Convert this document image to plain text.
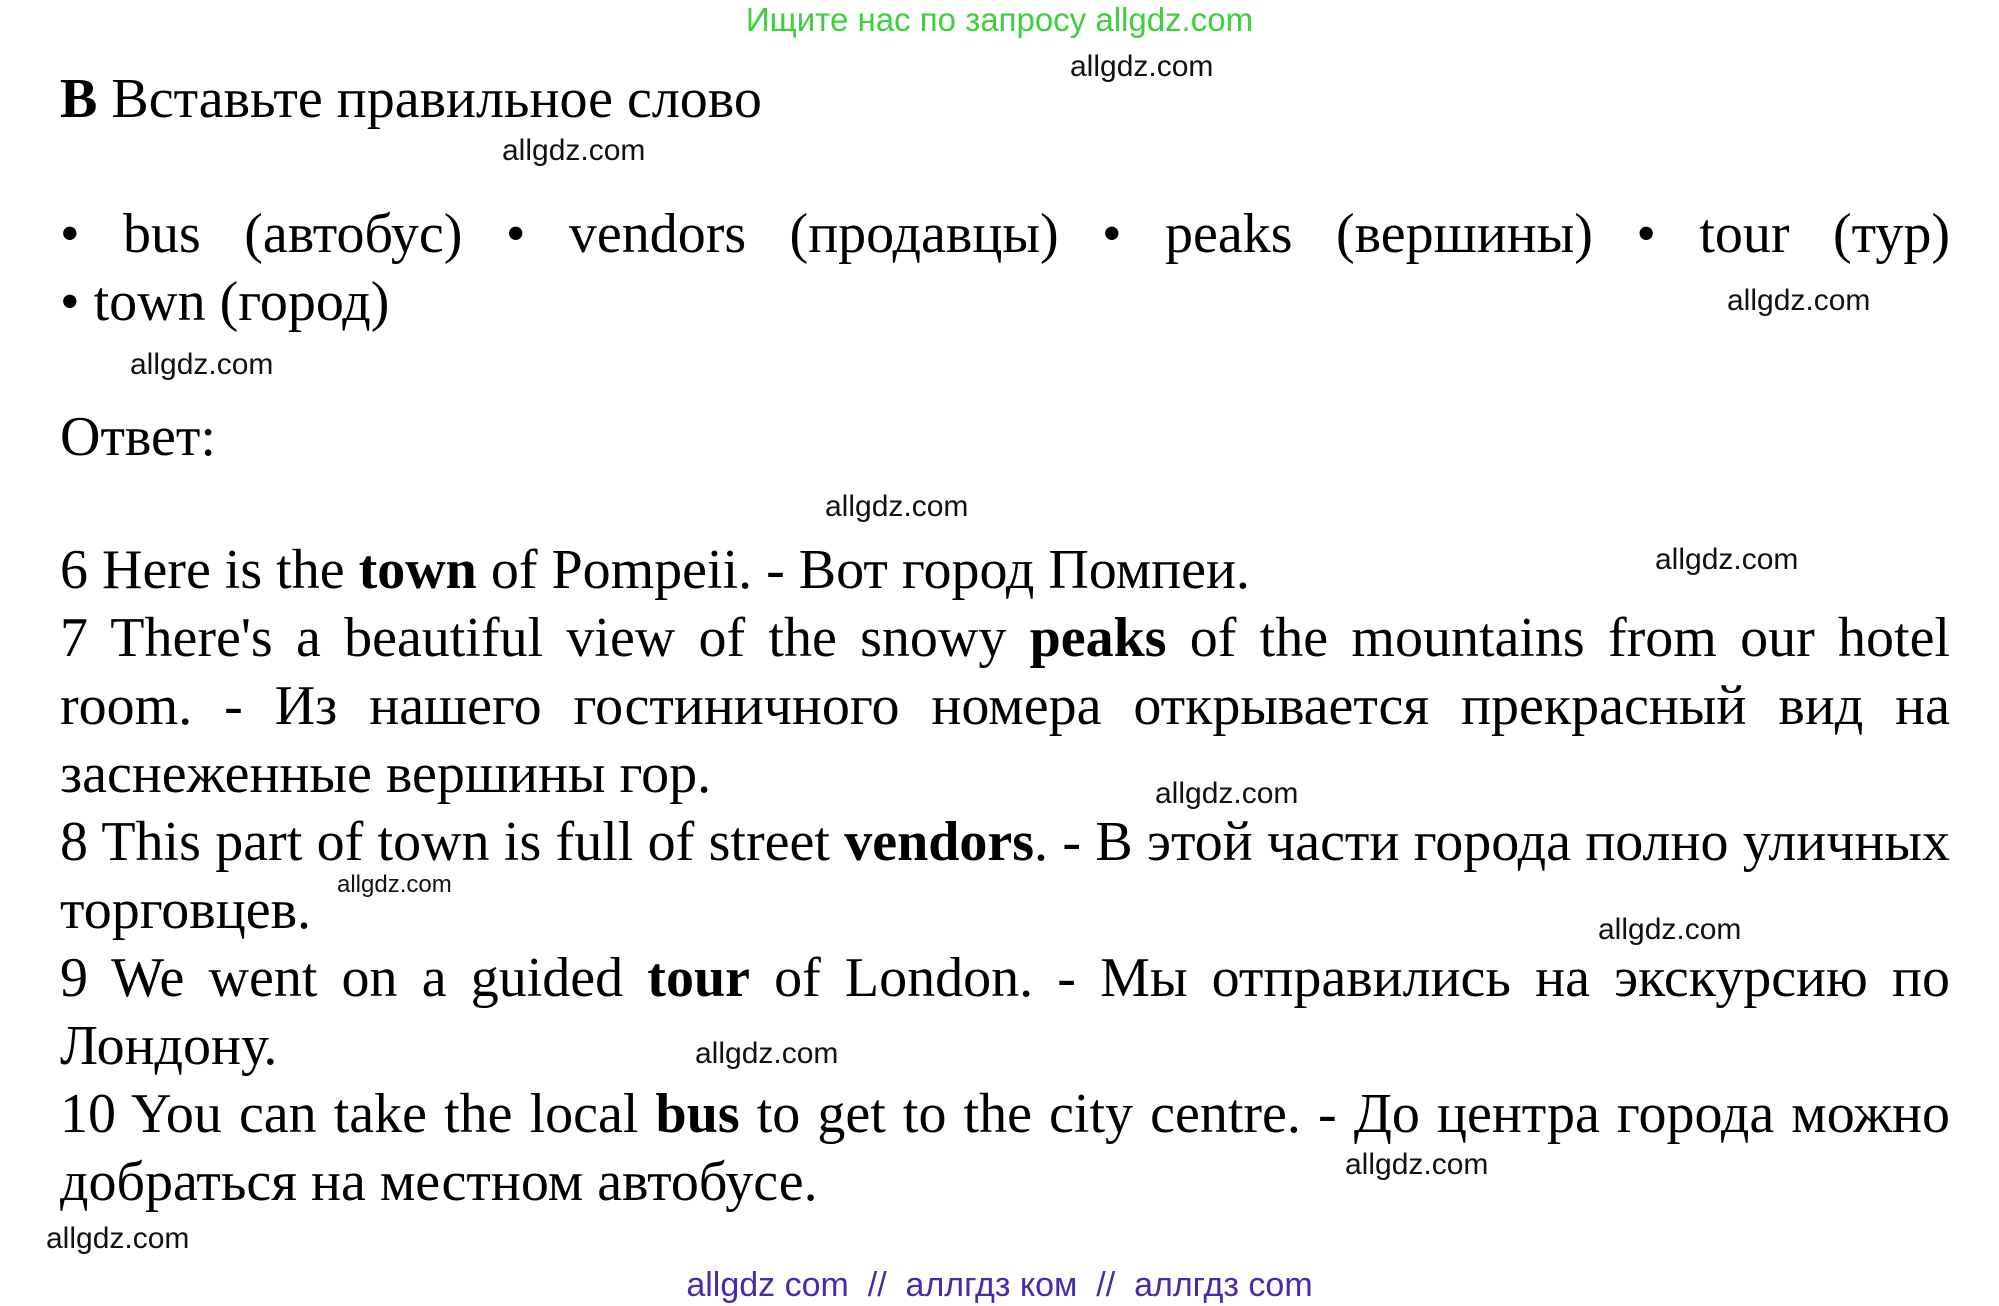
Ищите нас по запросу allgdz.com
B Вставьте правильное слово
• bus (автобус) • vendors (продавцы) • peaks (вершины) • tour (тур) • town (город)
Ответ:

6 Here is the town of Pompeii. - Вот город Помпеи.

7 There's a beautiful view of the snowy peaks of the mountains from our hotel room. - Из нашего гостиничного номера открывается прекрасный вид на заснеженные вершины гор.

8 This part of town is full of street vendors. - В этой части города полно уличных торговцев.

9 We went on a guided tour of London. - Мы отправились на экскурсию по Лондону.

10 You can take the local bus to get to the city centre. - До центра города можно добраться на местном автобусе.

allgdz.com
allgdz.com
allgdz.com
allgdz.com
allgdz.com
allgdz.com
allgdz.com
allgdz.com
allgdz.com
allgdz.com
allgdz.com
allgdz.com
allgdz com  //  аллгдз ком  //  аллгдз com
